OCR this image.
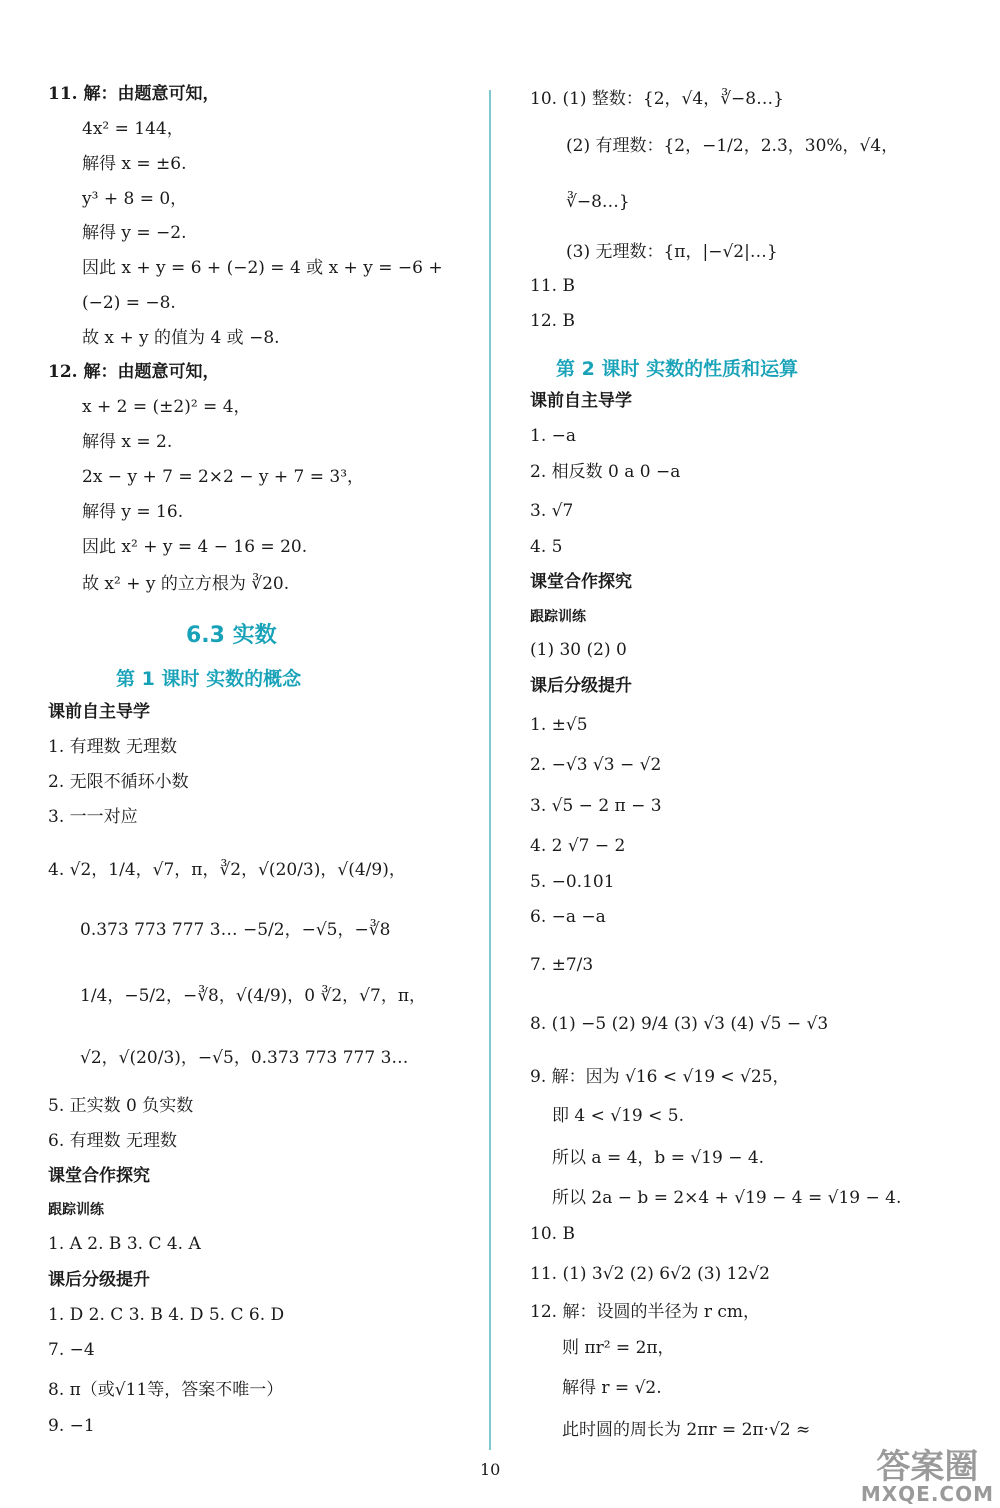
11. 解：由题意可知，
4x² = 144，
解得 x = ±6.
y³ + 8 = 0，
解得 y = −2.
因此 x + y = 6 + (−2) = 4 或 x + y = −6 +
(−2) = −8.
故 x + y 的值为 4 或 −8.
12. 解：由题意可知，
x + 2 = (±2)² = 4，
解得 x = 2.
2x − y + 7 = 2×2 − y + 7 = 3³，
解得 y = 16.
因此 x² + y = 4 − 16 = 20.
故 x² + y 的立方根为 ∛20.
6.3 实数
第 1 课时 实数的概念
课前自主导学
1. 有理数 无理数
2. 无限不循环小数
3. 一一对应
4. √2，1/4，√7，π，∛2，√(20/3)，√(4/9)，
0.373 773 777 3… −5/2，−√5，−∛8
1/4，−5/2，−∛8，√(4/9)，0 ∛2，√7，π，
√2，√(20/3)，−√5，0.373 773 777 3…
5. 正实数 0 负实数
6. 有理数 无理数
课堂合作探究
跟踪训练
1. A 2. B 3. C 4. A
课后分级提升
1. D 2. C 3. B 4. D 5. C 6. D
7. −4
8. π（或√11等，答案不唯一）
9. −1
10. (1) 整数：{2，√4，∛−8…}
(2) 有理数：{2，−1/2，2.3，30%，√4，
∛−8…}
(3) 无理数：{π，|−√2|…}
11. B
12. B
第 2 课时 实数的性质和运算
课前自主导学
1. −a
2. 相反数 0 a 0 −a
3. √7
4. 5
课堂合作探究
跟踪训练
(1) 30 (2) 0
课后分级提升
1. ±√5
2. −√3 √3 − √2
3. √5 − 2 π − 3
4. 2 √7 − 2
5. −0.101
6. −a −a
7. ±7/3
8. (1) −5 (2) 9/4 (3) √3 (4) √5 − √3
9. 解：因为 √16 < √19 < √25，
即 4 < √19 < 5.
所以 a = 4，b = √19 − 4.
所以 2a − b = 2×4 + √19 − 4 = √19 − 4.
10. B
11. (1) 3√2 (2) 6√2 (3) 12√2
12. 解：设圆的半径为 r cm，
则 πr² = 2π，
解得 r = √2.
此时圆的周长为 2πr = 2π·√2 ≈
10	答案圈
MXQE.COM
